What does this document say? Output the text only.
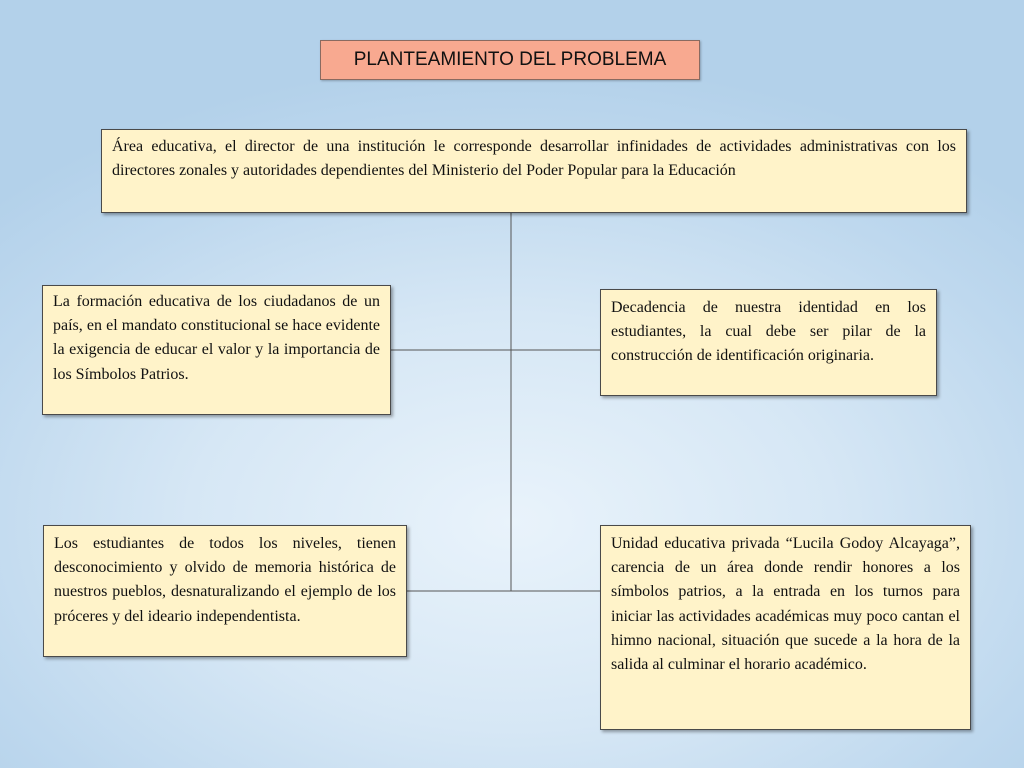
PLANTEAMIENTO DEL PROBLEMA

Área educativa, el director de una institución le corresponde desarrollar infinidades de actividades administrativas con los directores zonales y autoridades dependientes del Ministerio del Poder Popular para la Educación

La formación educativa de los ciudadanos de un país, en el mandato constitucional se hace evidente la exigencia de educar el valor y la importancia de los Símbolos Patrios.

Decadencia de nuestra identidad en los estudiantes, la cual debe ser pilar de la construcción de identificación originaria.

Los estudiantes de todos los niveles, tienen desconocimiento y olvido de memoria histórica de nuestros pueblos, desnaturalizando el ejemplo de los próceres y del ideario independentista.

Unidad educativa privada “Lucila Godoy Alcayaga”, carencia de un área donde rendir honores a los símbolos patrios, a la entrada en los turnos para iniciar las actividades académicas muy poco cantan el himno nacional, situación que sucede a la hora de la salida al culminar el horario académico.
